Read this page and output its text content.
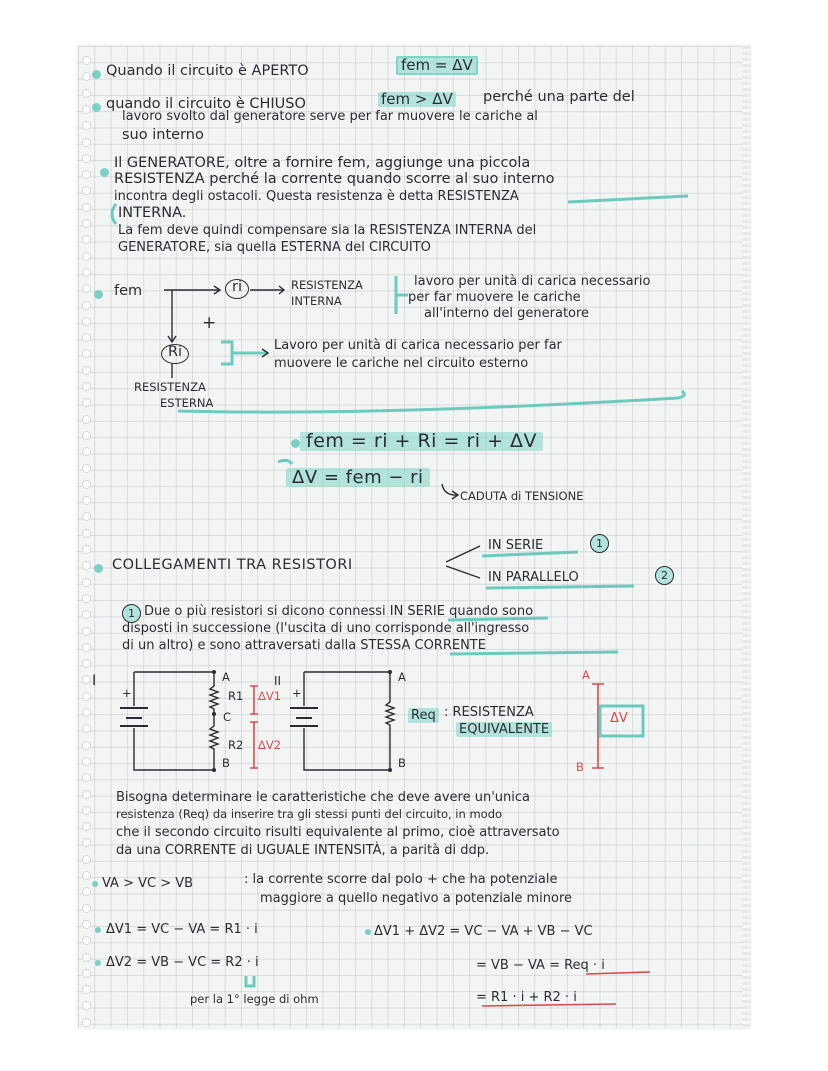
Quando il circuito è APERTO	fem = ΔV
quando il circuito è CHIUSO	fem > ΔV perché una parte del
lavoro svolto dal generatore serve per far muovere le cariche al
suo interno
Il GENERATORE, oltre a fornire fem, aggiunge una piccola
RESISTENZA perché la corrente quando scorre al suo interno
incontra degli ostacoli. Questa resistenza è detta RESISTENZA
INTERNA.
La fem deve quindi compensare sia la RESISTENZA INTERNA del
GENERATORE, sia quella ESTERNA del CIRCUITO
fem	ri
+
Ri
RESISTENZA
INTERNA
lavoro per unità di carica necessario
per far muovere le cariche
all'interno del generatore
Lavoro per unità di carica necessario per far
muovere le cariche nel circuito esterno
RESISTENZA
ESTERNA
fem = ri + Ri = ri + ΔV
ΔV = fem − ri
CADUTA di TENSIONE
COLLEGAMENTI TRA RESISTORI
IN SERIE	1
IN PARALLELO	2
1 Due o più resistori si dicono connessi IN SERIE quando sono
disposti in successione (l'uscita di uno corrisponde all'ingresso
di un altro) e sono attraversati dalla STESSA CORRENTE
I	II
+	+
A
C
B
R1
R2
ΔV1
ΔV2
A
B
Req : RESISTENZA
EQUIVALENTE
A
B
ΔV
Bisogna determinare le caratteristiche che deve avere un'unica
resistenza (Req) da inserire tra gli stessi punti del circuito, in modo
che il secondo circuito risulti equivalente al primo, cioè attraversato
da una CORRENTE di UGUALE INTENSITÀ, a parità di ddp.
VA > VC > VB	: la corrente scorre dal polo + che ha potenziale
maggiore a quello negativo a potenziale minore
ΔV1 = VC − VA = R1 · i
ΔV2 = VB − VC = R2 · i
per la 1° legge di ohm
ΔV1 + ΔV2 = VC − VA + VB − VC
= VB − VA = Req · i
= R1 · i + R2 · i
